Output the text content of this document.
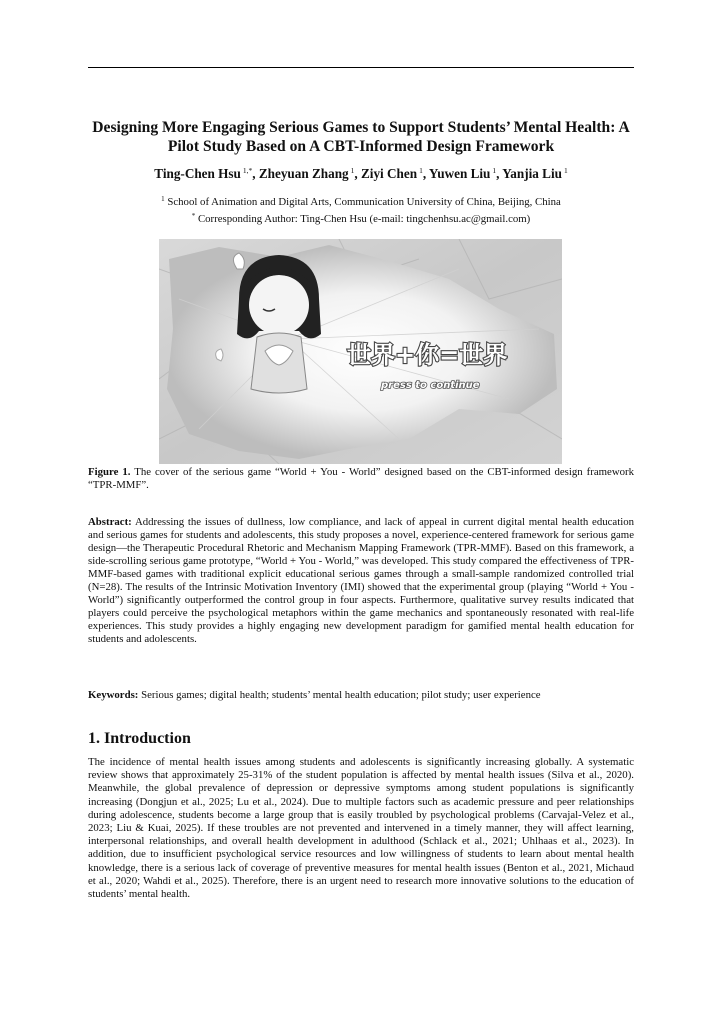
Designing More Engaging Serious Games to Support Students’ Mental Health: A Pilot Study Based on A CBT-Informed Design Framework
Ting-Chen Hsu $^{1,*}$, Zheyuan Zhang $^1$, Ziyi Chen $^1$, Yuwen Liu $^1$, Yanjia Liu $^1$
$^1$ School of Animation and Digital Arts, Communication University of China, Beijing, China
* Corresponding Author: Ting-Chen Hsu (e-mail: tingchenhsu.ac@gmail.com)
世界+你=世界
press to continue
Figure 1. The cover of the serious game “World + You - World” designed based on the CBT-informed design framework “TPR-MMF”.
Abstract: Addressing the issues of dullness, low compliance, and lack of appeal in current digital mental health education and serious games for students and adolescents, this study proposes a novel, experience-centered framework for serious game design—the Therapeutic Procedural Rhetoric and Mechanism Mapping Framework (TPR-MMF). Based on this framework, a side-scrolling serious game prototype, “World + You - World,” was developed. This study compared the effectiveness of TPR-MMF-based games with traditional explicit educational serious games through a small-sample randomized controlled trial (N=28). The results of the Intrinsic Motivation Inventory (IMI) showed that the experimental group (playing “World + You - World”) significantly outperformed the control group in four aspects. Furthermore, qualitative survey results indicated that players could perceive the psychological metaphors within the game mechanics and spontaneously resonated with real-life experiences. This study provides a highly engaging new development paradigm for gamified mental health education for students and adolescents.
Keywords: Serious games; digital health; students’ mental health education; pilot study; user experience
1. Introduction
The incidence of mental health issues among students and adolescents is significantly increasing globally. A systematic review shows that approximately 25-31% of the student population is affected by mental health issues (Silva et al., 2020). Meanwhile, the global prevalence of depression or depressive symptoms among student populations is significantly increasing (Dongjun et al., 2025; Lu et al., 2024). Due to multiple factors such as academic pressure and peer relationships during adolescence, students become a large group that is easily troubled by psychological problems (Carvajal-Velez et al., 2023; Liu & Kuai, 2025). If these troubles are not prevented and intervened in a timely manner, they will affect learning, interpersonal relationships, and overall health development in adulthood (Schlack et al., 2021; Uhlhaas et al., 2023). In addition, due to insufficient psychological service resources and low willingness of students to learn about mental health knowledge, there is a serious lack of coverage of preventive measures for mental health issues (Benton et al., 2021, Michaud et al., 2020; Wahdi et al., 2025). Therefore, there is an urgent need to research more innovative solutions to the education of students’ mental health.
